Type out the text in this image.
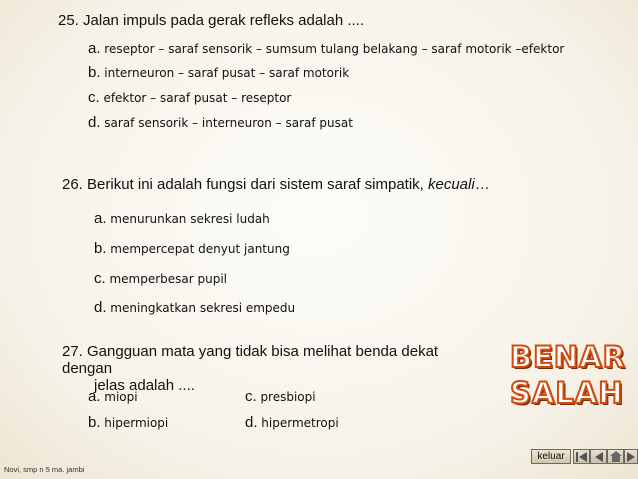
25. Jalan impuls pada gerak refleks adalah ....
a. reseptor – saraf sensorik – sumsum tulang belakang – saraf motorik –efektor
b. interneuron – saraf pusat – saraf motorik
c. efektor – saraf pusat – reseptor
d. saraf sensorik – interneuron – saraf pusat
26. Berikut ini adalah fungsi dari sistem saraf simpatik, kecuali…
a. menurunkan sekresi ludah
b. mempercepat denyut jantung
c. memperbesar pupil
d. meningkatkan sekresi empedu
27. Gangguan mata yang tidak bisa melihat benda dekat
dengan
jelas adalah ....
a. miopi
b. hipermiopi
c. presbiopi
d. hipermetropi
BENAR
SALAH
keluar
Novi, smp n 5 ma. jambi
